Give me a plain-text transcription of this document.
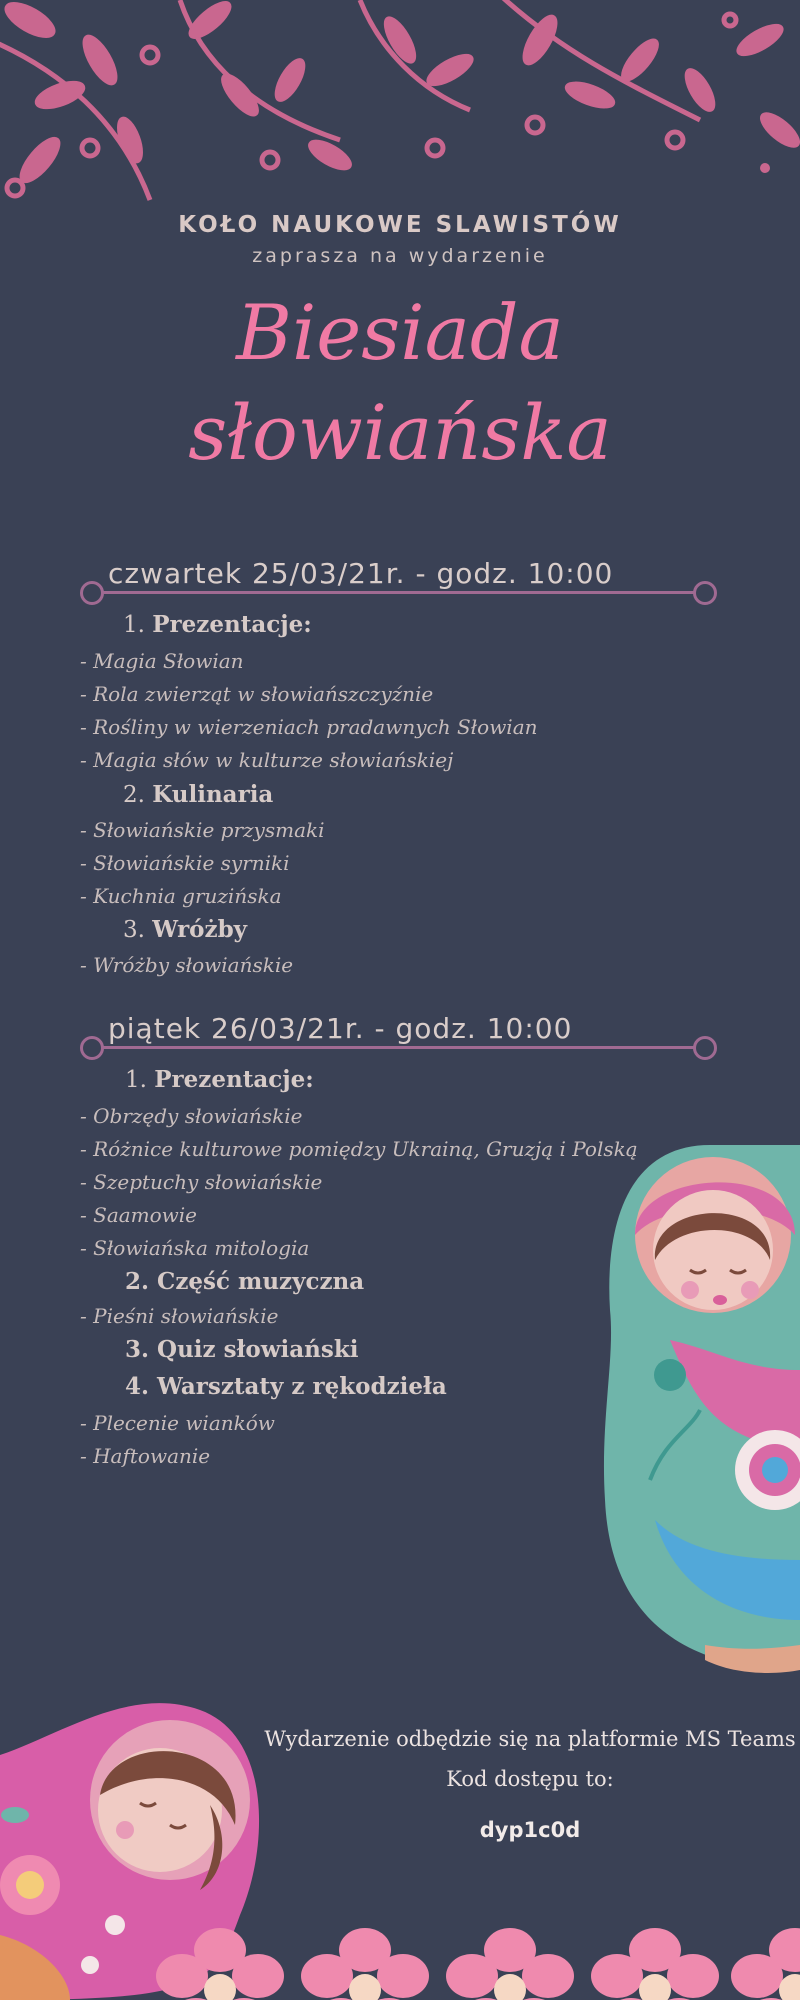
KOŁO NAUKOWE SLAWISTÓW
zaprasza na wydarzenie
Biesiada
słowiańska
czwartek 25/03/21r. - godz. 10:00
1. Prezentacje:
- Magia Słowian
- Rola zwierząt w słowiańszczyźnie
- Rośliny w wierzeniach pradawnych Słowian
- Magia słów w kulturze słowiańskiej
2. Kulinaria
- Słowiańskie przysmaki
- Słowiańskie syrniki
- Kuchnia gruzińska
3. Wróżby
- Wróżby słowiańskie
piątek 26/03/21r. - godz. 10:00
1. Prezentacje:
- Obrzędy słowiańskie
- Różnice kulturowe pomiędzy Ukrainą, Gruzją i Polską
- Szeptuchy słowiańskie
- Saamowie
- Słowiańska mitologia
2. Część muzyczna
- Pieśni słowiańskie
3. Quiz słowiański
4. Warsztaty z rękodzieła
- Plecenie wianków
- Haftowanie
Wydarzenie odbędzie się na platformie MS Teams
Kod dostępu to:
dyp1c0d
